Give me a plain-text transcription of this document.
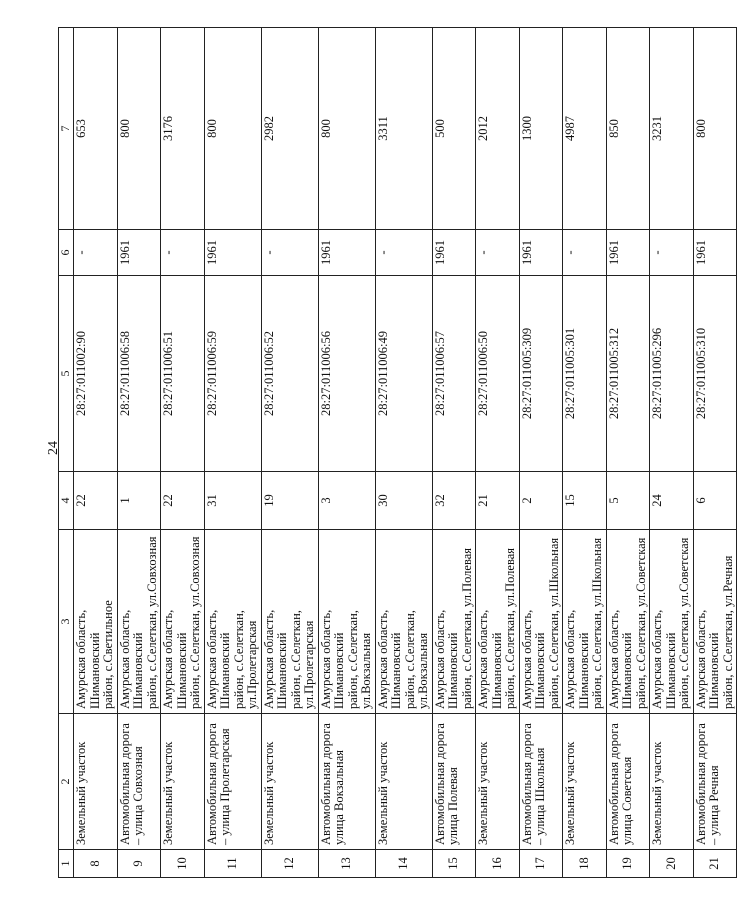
24
1	2	3	4	5	6	7
8	Земельный участок	Амурская область, Шимановский район, с.Светильное	22	28:27:011002:90	-	653
9	Автомобильная дорога – улица Совхозная	Амурская область, Шимановский район, с.Селеткан, ул.Совхозная	1	28:27:011006:58	1961	800
10	Земельный участок	Амурская область, Шимановский район, с.Селеткан, ул.Совхозная	22	28:27:011006:51	-	3176
11	Автомобильная дорога – улица Пролетарская	Амурская область, Шимановский район, с.Селеткан, ул.Пролетарская	31	28:27:011006:59	1961	800
12	Земельный участок	Амурская область, Шимановский район, с.Селеткан, ул.Пролетарская	19	28:27:011006:52	-	2982
13	Автомобильная дорога улица Вокзальная	Амурская область, Шимановский район, с.Селеткан, ул.Вокзальная	3	28:27:011006:56	1961	800
14	Земельный участок	Амурская область, Шимановский район, с.Селеткан, ул.Вокзальная	30	28:27:011006:49	-	3311
15	Автомобильная дорога улица Полевая	Амурская область, Шимановский район, с.Селеткан, ул.Полевая	32	28:27:011006:57	1961	500
16	Земельный участок	Амурская область, Шимановский район, с.Селеткан, ул.Полевая	21	28:27:011006:50	-	2012
17	Автомобильная дорога – улица Школьная	Амурская область, Шимановский район, с.Селеткан, ул.Школьная	2	28:27:011005:309	1961	1300
18	Земельный участок	Амурская область, Шимановский район, с.Селеткан, ул.Школьная	15	28:27:011005:301	-	4987
19	Автомобильная дорога улица Советская	Амурская область, Шимановский район, с.Селеткан, ул.Советская	5	28:27:011005:312	1961	850
20	Земельный участок	Амурская область, Шимановский район, с.Селеткан, ул.Советская	24	28:27:011005:296	-	3231
21	Автомобильная дорога – улица Речная	Амурская область, Шимановский район, с.Селеткан, ул.Речная	6	28:27:011005:310	1961	800
